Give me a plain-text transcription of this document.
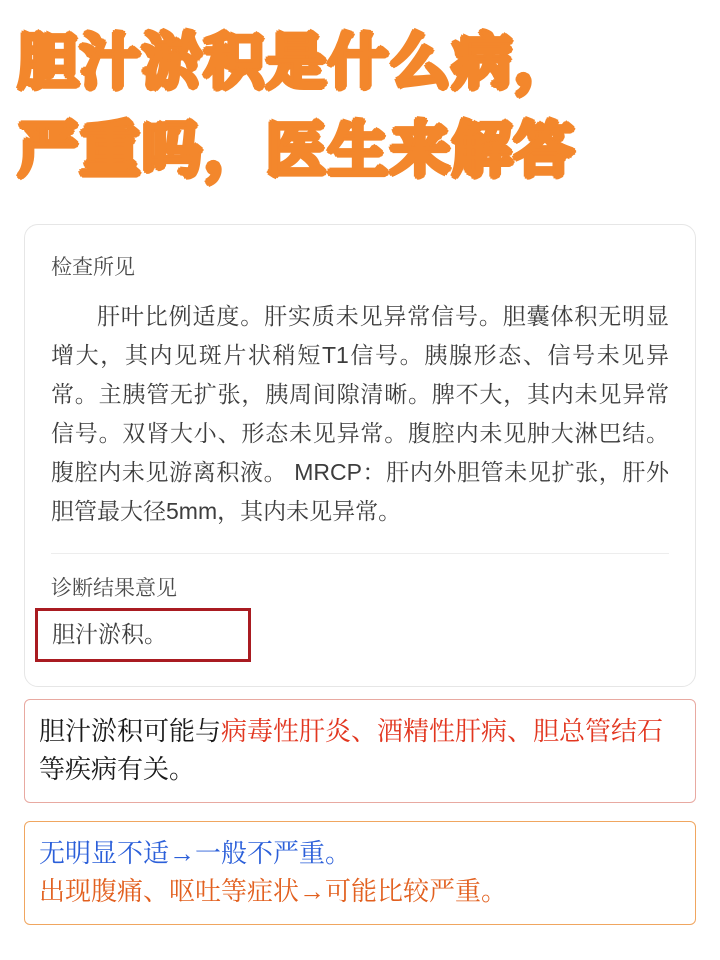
胆汁淤积是什么病，
严重吗，医生来解答
检查所见

肝叶比例适度。肝实质未见异常信号。胆囊体积无明显增大，其内见斑片状稍短T1信号。胰腺形态、信号未见异常。主胰管无扩张，胰周间隙清晰。脾不大，其内未见异常信号。双肾大小、形态未见异常。腹腔内未见肿大淋巴结。腹腔内未见游离积液。 MRCP：肝内外胆管未见扩张，肝外胆管最大径5mm，其内未见异常。

诊断结果意见
胆汁淤积。
胆汁淤积可能与病毒性肝炎、酒精性肝病、胆总管结石等疾病有关。
无明显不适→一般不严重。
出现腹痛、呕吐等症状→可能比较严重。
